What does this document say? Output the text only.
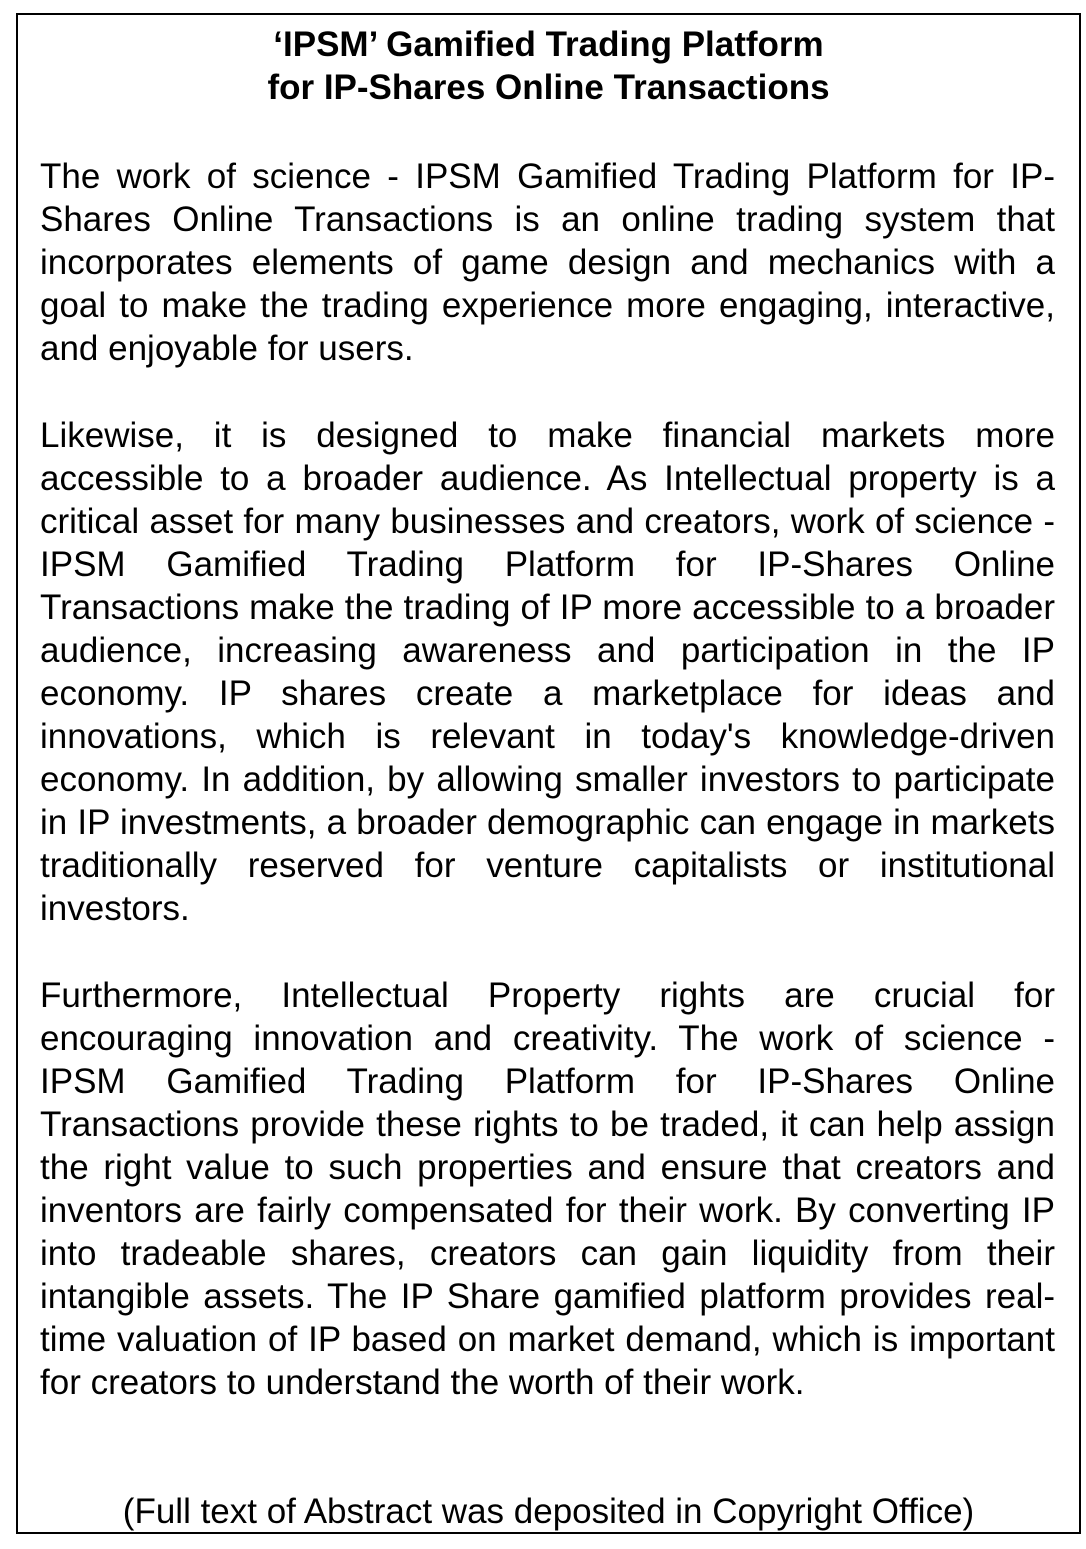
‘IPSM’ Gamified Trading Platform
for IP-Shares Online Transactions

The work of science - IPSM Gamified Trading Platform for IP-Shares Online Transactions is an online trading system that incorporates elements of game design and mechanics with a goal to make the trading experience more engaging, interactive, and enjoyable for users.

Likewise, it is designed to make financial markets more accessible to a broader audience. As Intellectual property is a critical asset for many businesses and creators, work of science - IPSM Gamified Trading Platform for IP-Shares Online Transactions make the trading of IP more accessible to a broader audience, increasing awareness and participation in the IP economy. IP shares create a marketplace for ideas and innovations, which is relevant in today's knowledge-driven economy. In addition, by allowing smaller investors to participate in IP investments, a broader demographic can engage in markets traditionally reserved for venture capitalists or institutional investors.

Furthermore, Intellectual Property rights are crucial for encouraging innovation and creativity. The work of science - IPSM Gamified Trading Platform for IP-Shares Online Transactions provide these rights to be traded, it can help assign the right value to such properties and ensure that creators and inventors are fairly compensated for their work. By converting IP into tradeable shares, creators can gain liquidity from their intangible assets. The IP Share gamified platform provides real-time valuation of IP based on market demand, which is important for creators to understand the worth of their work.

(Full text of Abstract was deposited in Copyright Office)
